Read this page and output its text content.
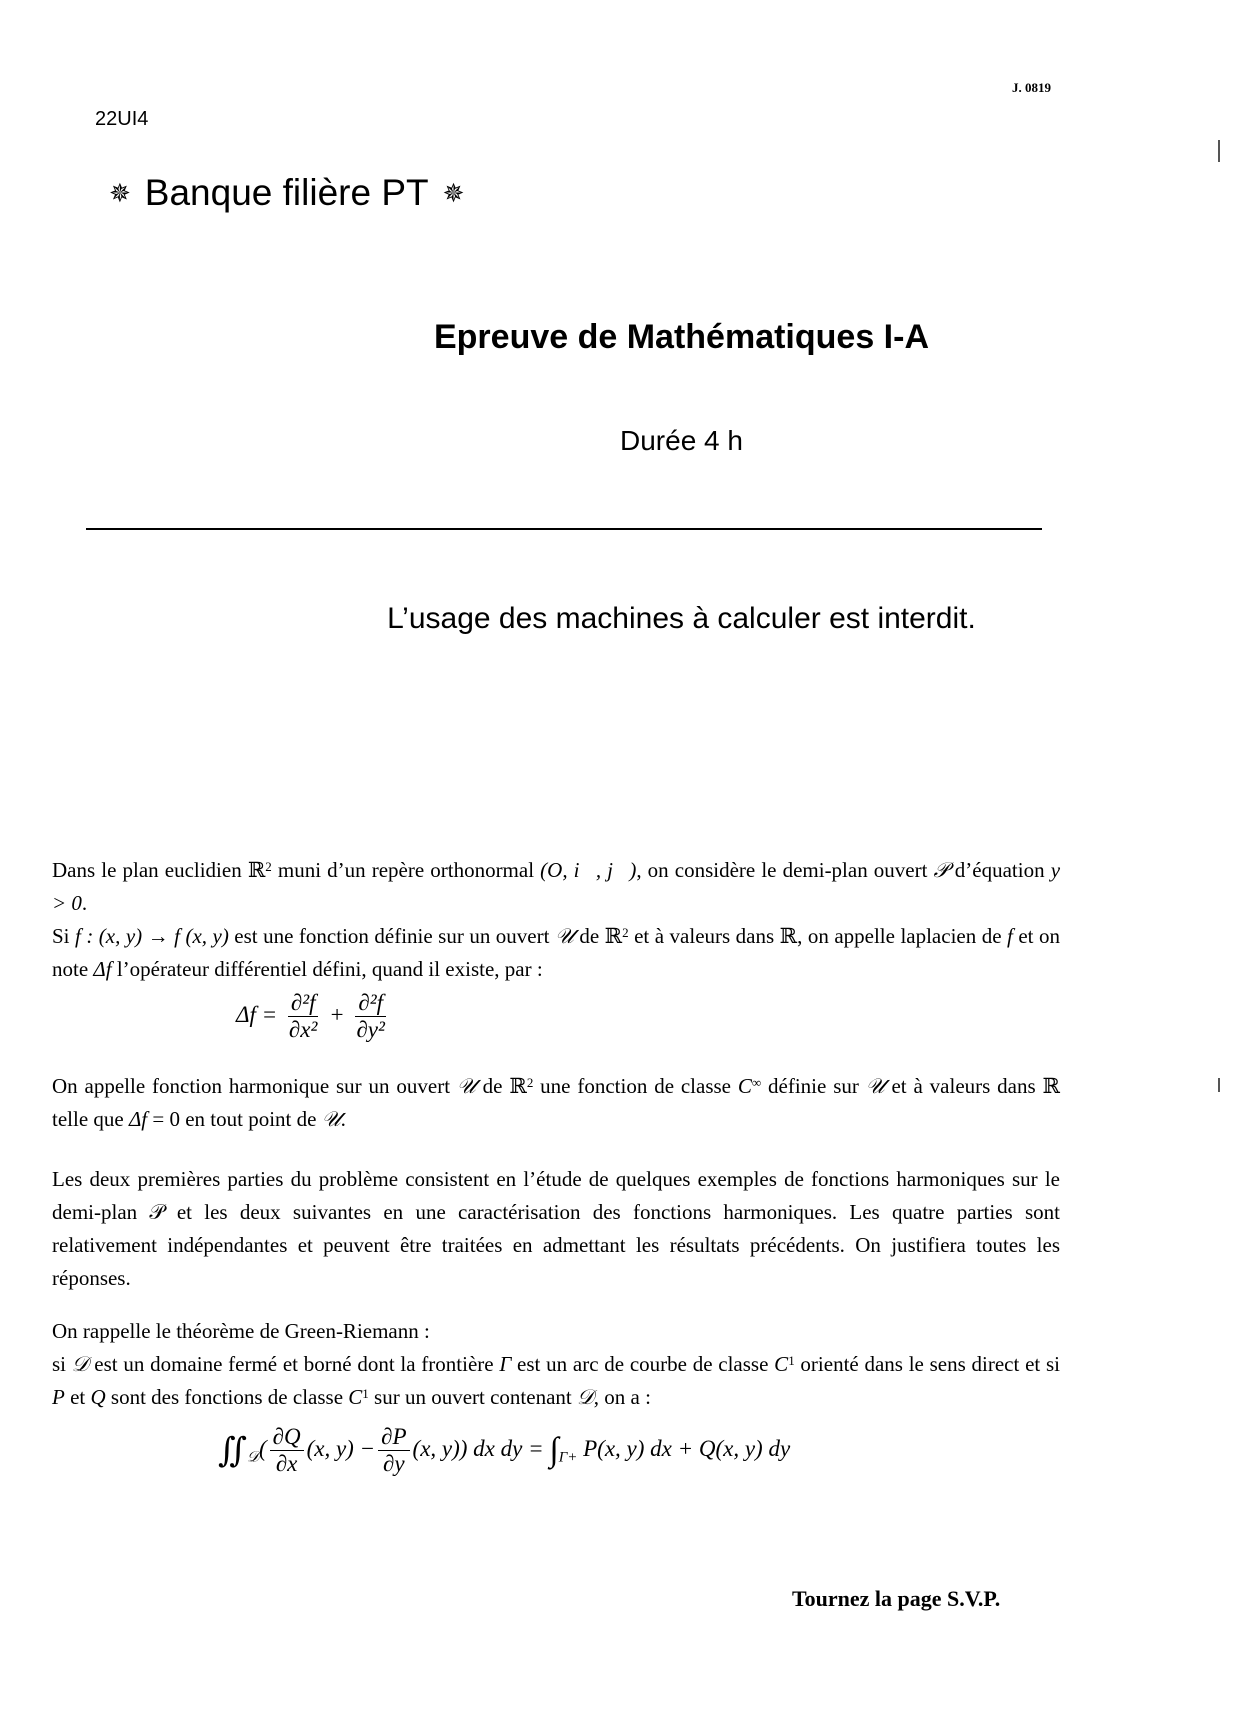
22UI4
J. 0819
✵ Banque filière PT ✵
Epreuve de Mathématiques I-A
Durée 4 h
L’usage des machines à calculer est interdit.
Dans le plan euclidien ℝ$^2$ muni d’un repère orthonormal (O, i⃗, j⃗), on considère le demi-plan ouvert 𝒫 d’équation y > 0.
Si f : (x, y) → f (x, y) est une fonction définie sur un ouvert 𝒰 de ℝ$^2$ et à valeurs dans ℝ, on appelle laplacien de f et on note Δf l’opérateur différentiel défini, quand il existe, par :
$\Delta f = \frac{\text{∂²f}}{\text{∂x²}} + \frac{\text{∂²f}}{\text{∂y²}}$
On appelle fonction harmonique sur un ouvert 𝒰 de ℝ$^2$ une fonction de classe C∞ définie sur 𝒰 et à valeurs dans ℝ telle que Δf = 0 en tout point de 𝒰.
Les deux premières parties du problème consistent en l’étude de quelques exemples de fonctions harmoniques sur le demi-plan 𝒫 et les deux suivantes en une caractérisation des fonctions harmoniques. Les quatre parties sont relativement indépendantes et peuvent être traitées en admettant les résultats précédents. On justifiera toutes les réponses.
On rappelle le théorème de Green-Riemann :
si 𝒟 est un domaine fermé et borné dont la frontière Γ est un arc de courbe de classe $C^1$ orienté dans le sens direct et si P et Q sont des fonctions de classe $C^1$ sur un ouvert contenant 𝒟, on a :
$∬_𝒟( \frac{\partial Q}{\partial x} (x$, $y) - \frac{\partial P}{\partial y} (x$, y)) dx dy = $\int_{\Gamma+}$ P(x, y) dx + Q(x, y) dy
Tournez la page S.V.P.
